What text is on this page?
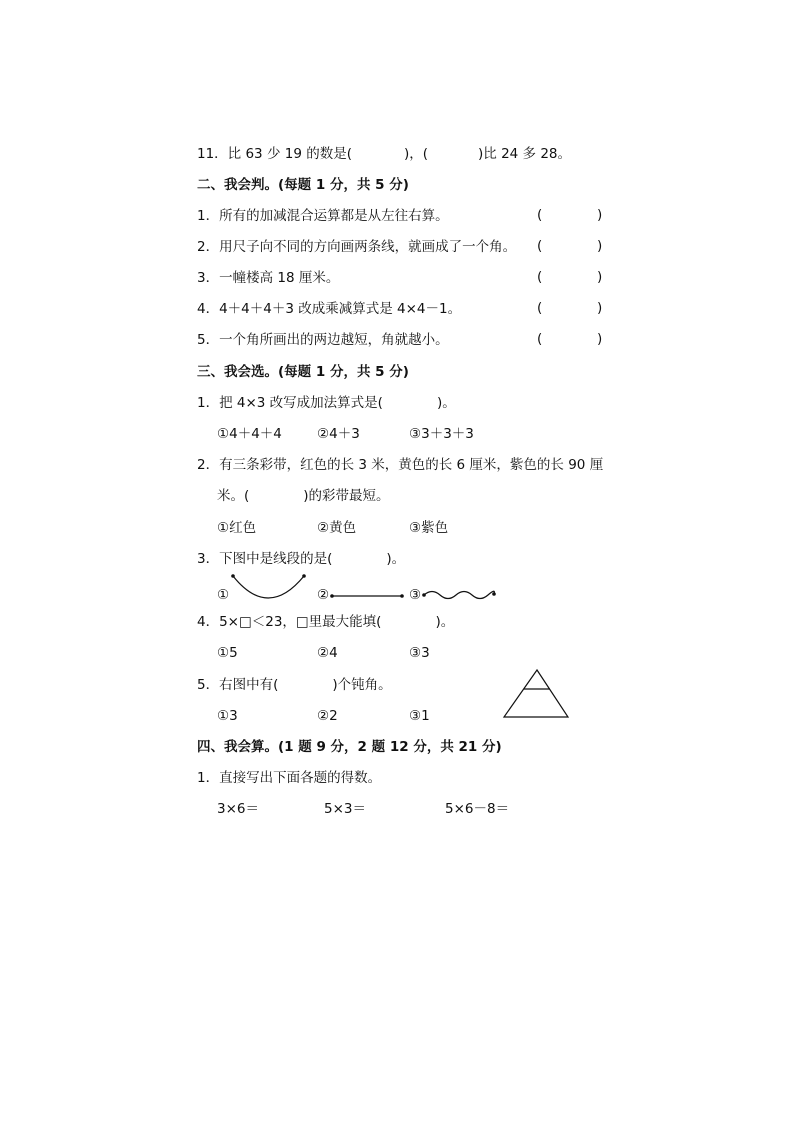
11．比 63 少 19 的数是(	)，(	)比 24 多 28。
二、我会判。(每题 1 分，共 5 分)
1．所有的加减混合运算都是从左往右算。	(	)
2．用尺子向不同的方向画两条线，就画成了一个角。 (	)
3．一幢楼高 18 厘米。	(	)
4．4＋4＋4＋3 改成乘减算式是 4×4－1。	(	)
5．一个角所画出的两边越短，角就越小。	(	)
三、我会选。(每题 1 分，共 5 分)
1．把 4×3 改写成加法算式是(	)。
①4＋4＋4	②4＋3	③3＋3＋3
2．有三条彩带，红色的长 3 米，黄色的长 6 厘米，紫色的长 90 厘
米。(	)的彩带最短。
①红色	②黄色	③紫色
3．下图中是线段的是(	)。
①	②	③
4．5×□＜23，□里最大能填(	)。
①5	②4	③3
5．右图中有(	)个钝角。
①3	②2	③1
四、我会算。(1 题 9 分，2 题 12 分，共 21 分)
1．直接写出下面各题的得数。
3×6＝	5×3＝	5×6－8＝
